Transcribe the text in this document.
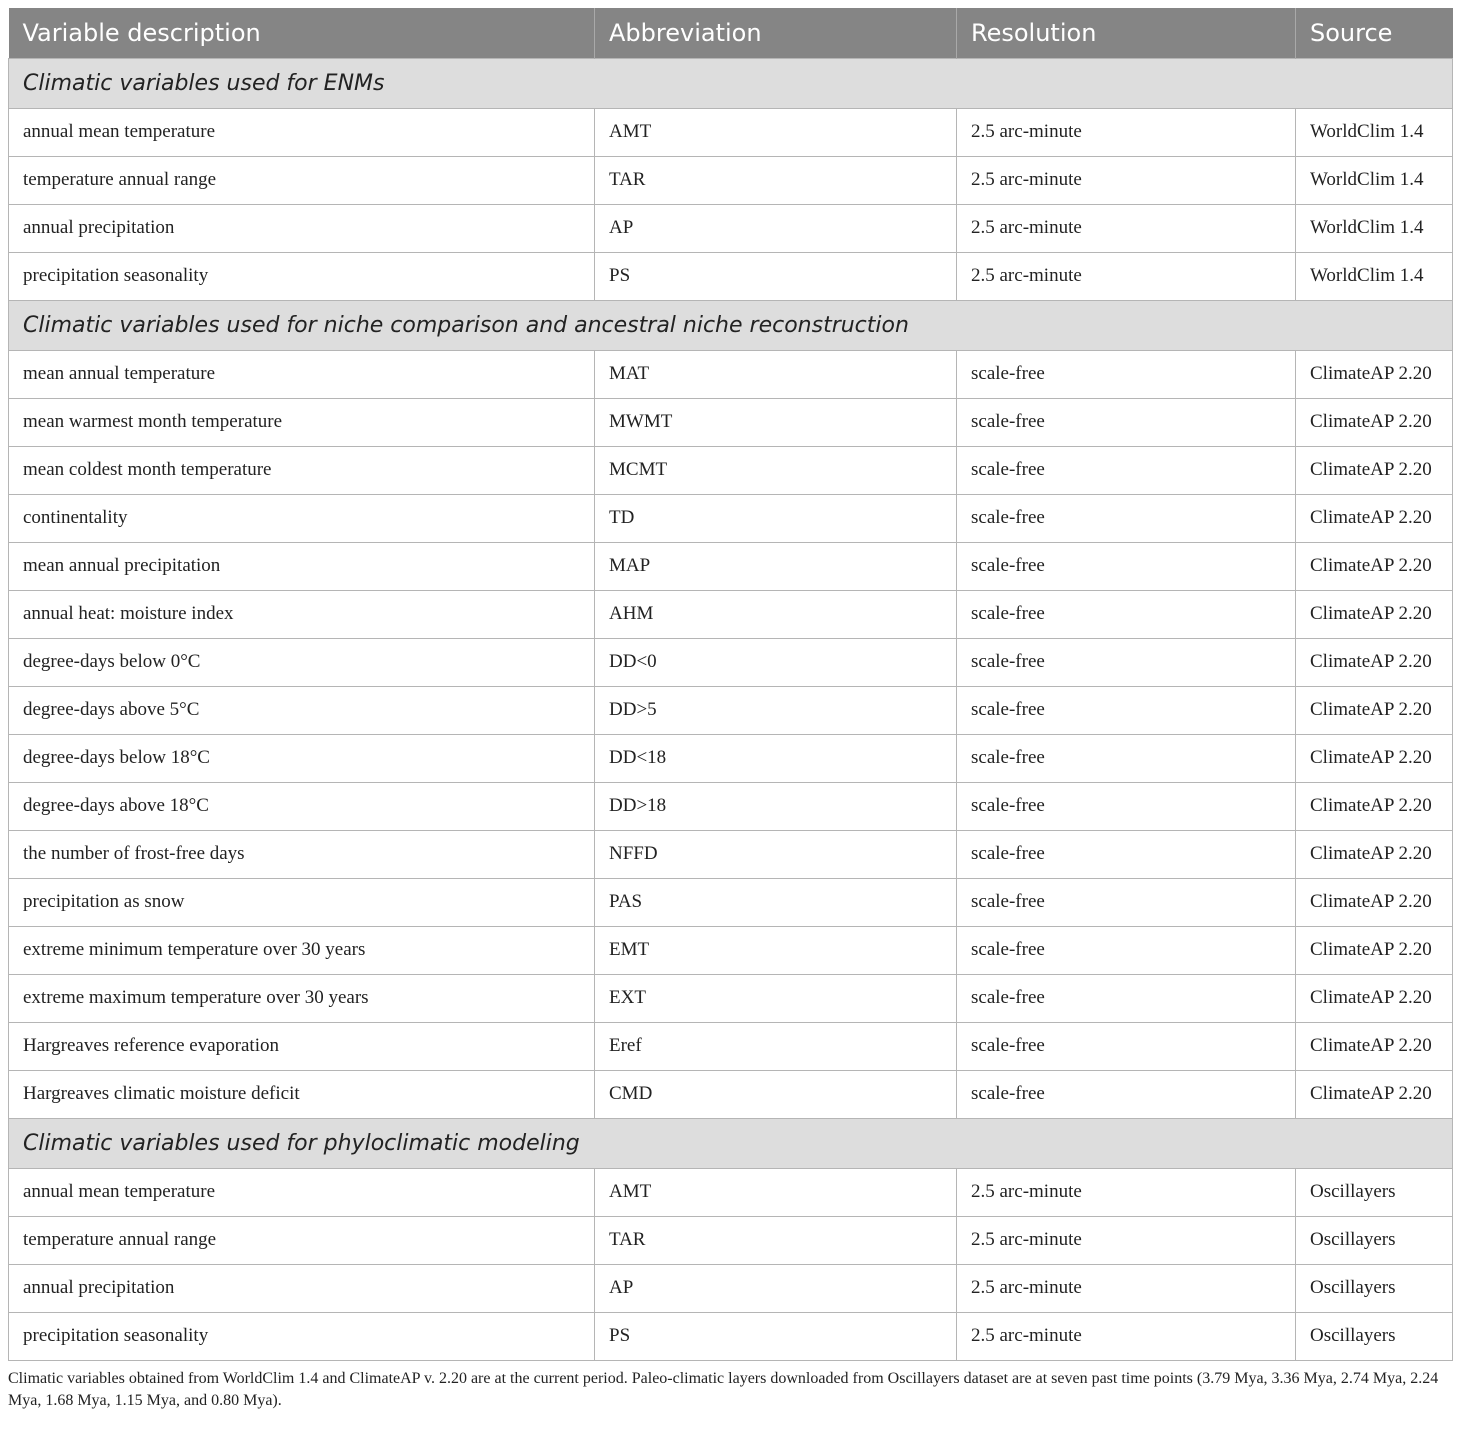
Variable description	Abbreviation	Resolution	Source
Climatic variables used for ENMs			
annual mean temperature	AMT	2.5 arc-minute	WorldClim 1.4
temperature annual range	TAR	2.5 arc-minute	WorldClim 1.4
annual precipitation	AP	2.5 arc-minute	WorldClim 1.4
precipitation seasonality	PS	2.5 arc-minute	WorldClim 1.4
Climatic variables used for niche comparison and ancestral niche reconstruction			
mean annual temperature	MAT	scale-free	ClimateAP 2.20
mean warmest month temperature	MWMT	scale-free	ClimateAP 2.20
mean coldest month temperature	MCMT	scale-free	ClimateAP 2.20
continentality	TD	scale-free	ClimateAP 2.20
mean annual precipitation	MAP	scale-free	ClimateAP 2.20
annual heat: moisture index	AHM	scale-free	ClimateAP 2.20
degree-days below 0°C	DD<0	scale-free	ClimateAP 2.20
degree-days above 5°C	DD>5	scale-free	ClimateAP 2.20
degree-days below 18°C	DD<18	scale-free	ClimateAP 2.20
degree-days above 18°C	DD>18	scale-free	ClimateAP 2.20
the number of frost-free days	NFFD	scale-free	ClimateAP 2.20
precipitation as snow	PAS	scale-free	ClimateAP 2.20
extreme minimum temperature over 30 years	EMT	scale-free	ClimateAP 2.20
extreme maximum temperature over 30 years	EXT	scale-free	ClimateAP 2.20
Hargreaves reference evaporation	Eref	scale-free	ClimateAP 2.20
Hargreaves climatic moisture deficit	CMD	scale-free	ClimateAP 2.20
Climatic variables used for phyloclimatic modeling			
annual mean temperature	AMT	2.5 arc-minute	Oscillayers
temperature annual range	TAR	2.5 arc-minute	Oscillayers
annual precipitation	AP	2.5 arc-minute	Oscillayers
precipitation seasonality	PS	2.5 arc-minute	Oscillayers
Climatic variables obtained from WorldClim 1.4 and ClimateAP v. 2.20 are at the current period. Paleo-climatic layers downloaded from Oscillayers dataset are at seven past time points (3.79 Mya, 3.36 Mya, 2.74 Mya, 2.24 Mya, 1.68 Mya, 1.15 Mya, and 0.80 Mya).
